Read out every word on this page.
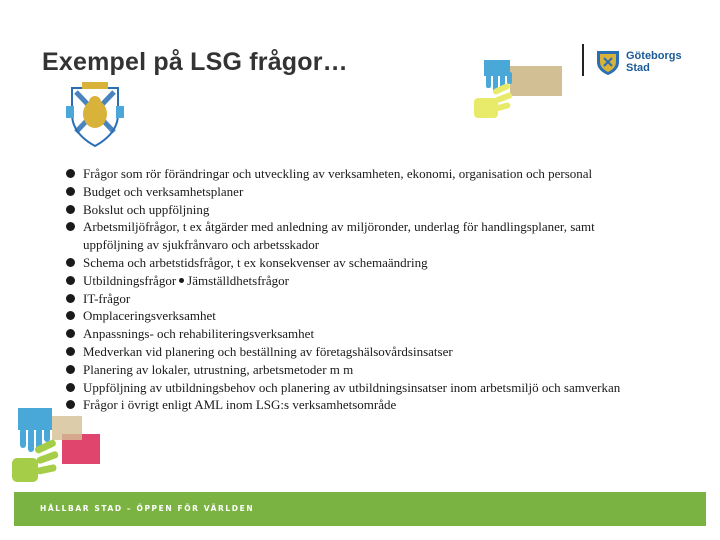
Exempel på LSG frågor…	Göteborgs
Stad
Frågor som rör förändringar och utveckling av verksamheten, ekonomi, organisation och personal
Budget och verksamhetsplaner
Bokslut och uppföljning
Arbetsmiljöfrågor, t ex åtgärder med anledning av miljöronder, underlag för handlingsplaner, samt uppföljning av sjukfrånvaro och arbetsskador
Schema och arbetstidsfrågor, t ex konsekvenser av schemaändring
Utbildningsfrågor Jämställdhetsfrågor
IT-frågor
Omplaceringsverksamhet
Anpassnings- och rehabiliteringsverksamhet
Medverkan vid planering och beställning av företagshälsovårdsinsatser
Planering av lokaler, utrustning, arbetsmetoder m m
Uppföljning av utbildningsbehov och planering av utbildningsinsatser inom arbetsmiljö och samverkan
Frågor i övrigt enligt AML inom LSG:s verksamhetsområde
HÅLLBAR STAD – ÖPPEN FÖR VÄRLDEN
